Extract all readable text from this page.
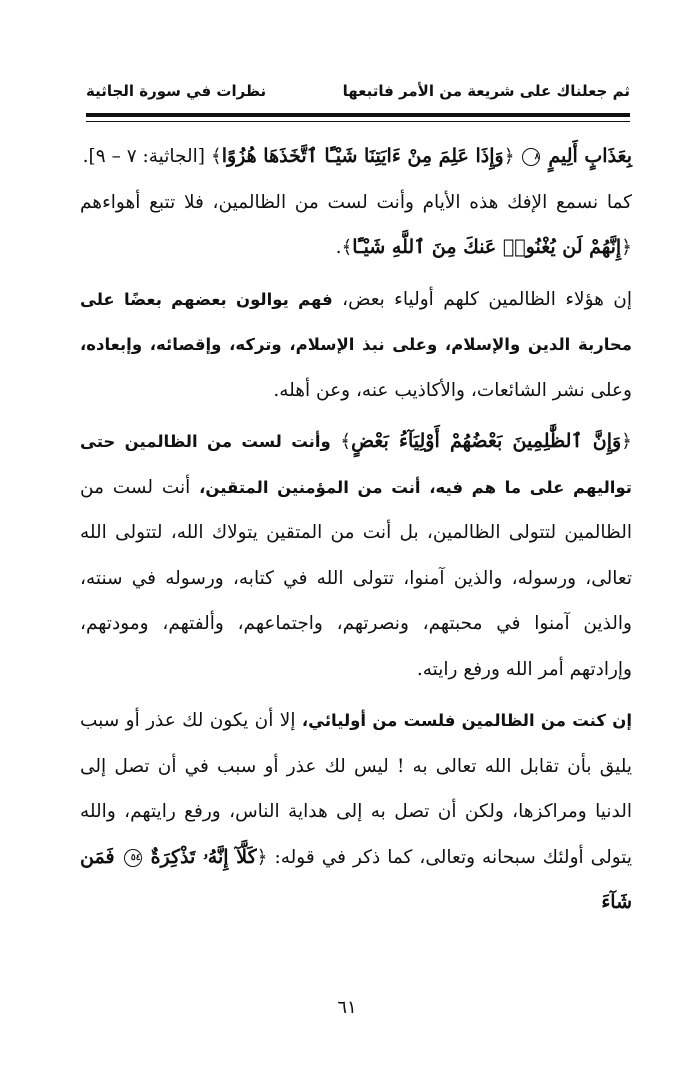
ثم جعلناك على شريعة من الأمر فاتبعها
نظرات في سورة الجاثية

بِعَذَابٍ أَلِيمٍ ٨ ﴿وَإِذَا عَلِمَ مِنْ ءَايَتِنَا شَيْـًٔا ٱتَّخَذَهَا هُزُوًا﴾ [الجاثية: ٧ – ٩].

كما نسمع الإفك هذه الأيام وأنت لست من الظالمين، فلا تتبع أهواءهم ﴿إِنَّهُمْ لَن يُغْنُوا۟ عَنكَ مِنَ ٱللَّهِ شَيْـًٔا﴾.

إن هؤلاء الظالمين كلهم أولياء بعض، فهم يوالون بعضهم بعضًا على محاربة الدين والإسلام، وعلى نبذ الإسلام، وتركه، وإقصائه، وإبعاده، وعلى نشر الشائعات، والأكاذيب عنه، وعن أهله.

﴿وَإِنَّ ٱلظَّٰلِمِينَ بَعْضُهُمْ أَوْلِيَآءُ بَعْضٍ﴾ وأنت لست من الظالمين حتى تواليهم على ما هم فيه، أنت من المؤمنين المتقين، أنت لست من الظالمين لتتولى الظالمين، بل أنت من المتقين يتولاك الله، لتتولى الله تعالى، ورسوله، والذين آمنوا، تتولى الله في كتابه، ورسوله في سنته، والذين آمنوا في محبتهم، ونصرتهم، واجتماعهم، وألفتهم، ومودتهم، وإرادتهم أمر الله ورفع رايته.

إن كنت من الظالمين فلست من أوليائي، إلا أن يكون لك عذر أو سبب يليق بأن تقابل الله تعالى به ! ليس لك عذر أو سبب في أن تصل إلى الدنيا ومراكزها، ولكن أن تصل به إلى هداية الناس، ورفع رايتهم، والله يتولى أولئك سبحانه وتعالى، كما ذكر في قوله: ﴿كَلَّآ إِنَّهُۥ تَذْكِرَةٌ ٥٤ فَمَن شَآءَ

٦١
